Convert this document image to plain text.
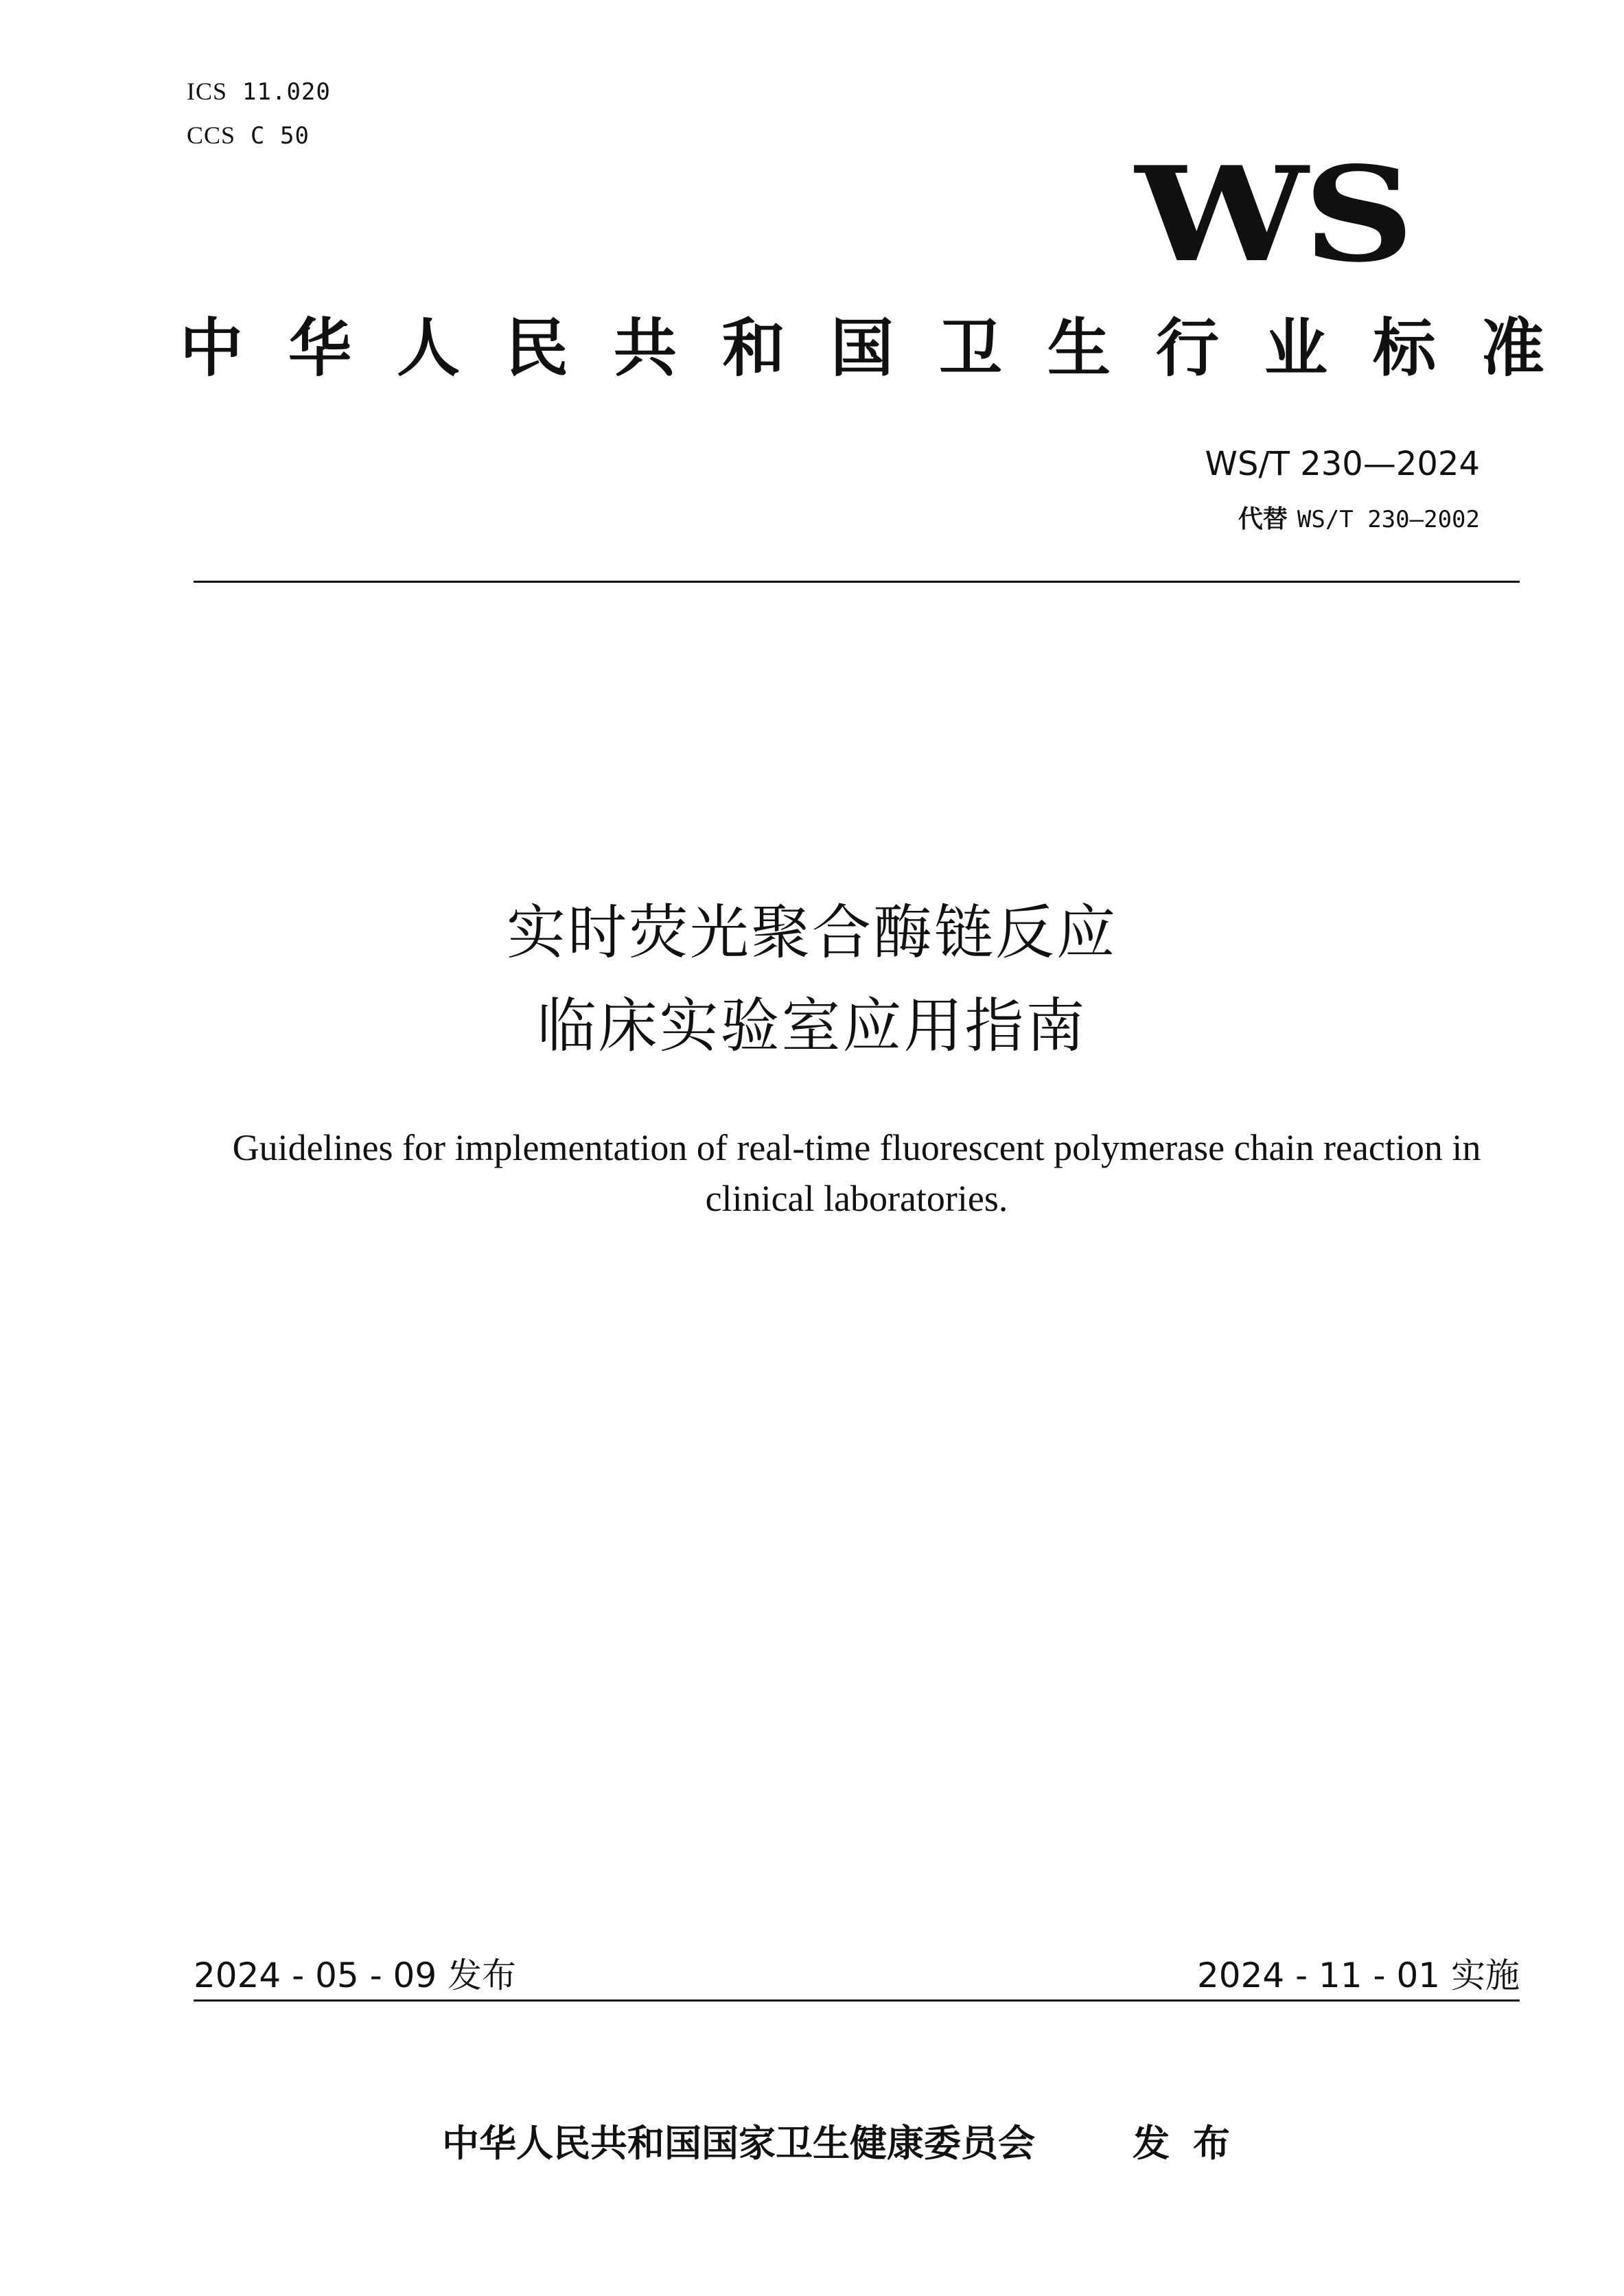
ICS 11.020
CCS C 50
WS
中华人民共和国卫生行业标准
WS/T 230—2024
代替 WS/T 230—2002
实时荧光聚合酶链反应
临床实验室应用指南
Guidelines for implementation of real-time fluorescent polymerase chain reaction in clinical laboratories.
2024 - 05 - 09 发布	2024 - 11 - 01 实施
中华人民共和国国家卫生健康委员会	发布
